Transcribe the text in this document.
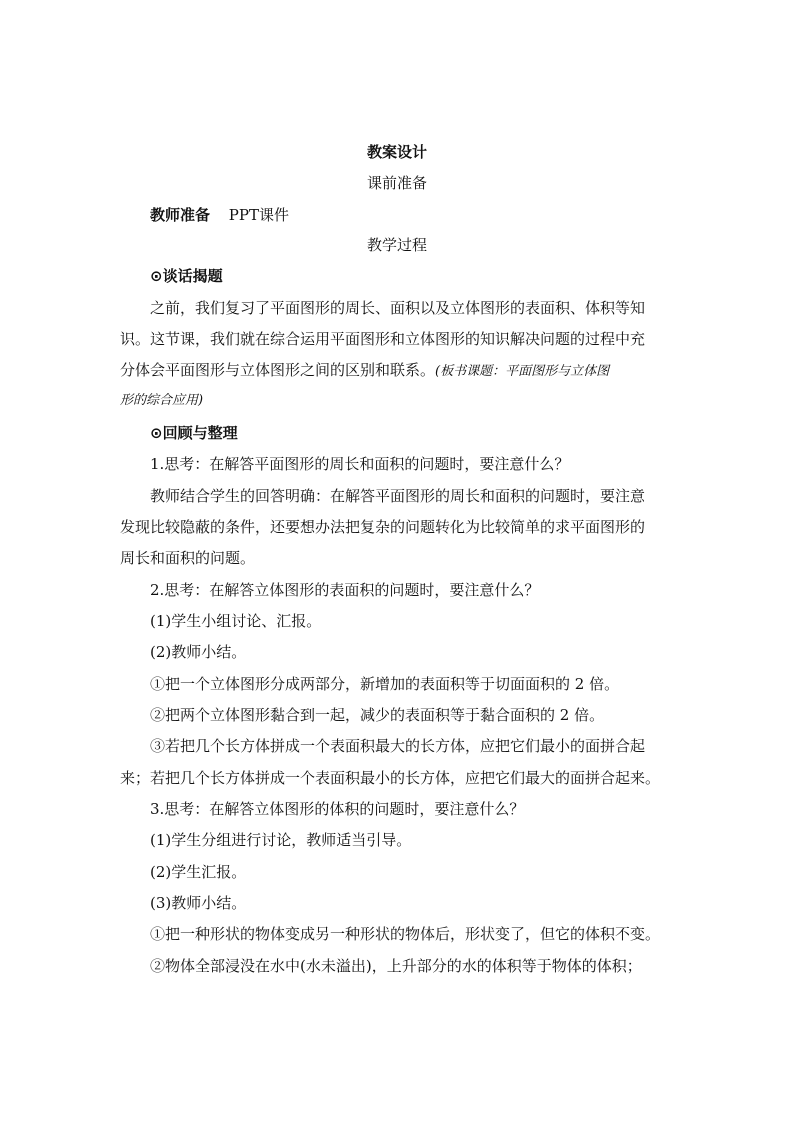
教案设计
课前准备
教师准备 PPT课件
教学过程
⊙谈话揭题
之前，我们复习了平面图形的周长、面积以及立体图形的表面积、体积等知
识。这节课，我们就在综合运用平面图形和立体图形的知识解决问题的过程中充
分体会平面图形与立体图形之间的区别和联系。(板书课题：平面图形与立体图
形的综合应用)
⊙回顾与整理
1.思考：在解答平面图形的周长和面积的问题时，要注意什么？
教师结合学生的回答明确：在解答平面图形的周长和面积的问题时，要注意
发现比较隐蔽的条件，还要想办法把复杂的问题转化为比较简单的求平面图形的
周长和面积的问题。
2.思考：在解答立体图形的表面积的问题时，要注意什么？
(1)学生小组讨论、汇报。
(2)教师小结。
①把一个立体图形分成两部分，新增加的表面积等于切面面积的 2 倍。
②把两个立体图形黏合到一起，减少的表面积等于黏合面积的 2 倍。
③若把几个长方体拼成一个表面积最大的长方体，应把它们最小的面拼合起
来；若把几个长方体拼成一个表面积最小的长方体，应把它们最大的面拼合起来。
3.思考：在解答立体图形的体积的问题时，要注意什么？
(1)学生分组进行讨论，教师适当引导。
(2)学生汇报。
(3)教师小结。
①把一种形状的物体变成另一种形状的物体后，形状变了，但它的体积不变。
②物体全部浸没在水中(水未溢出)，上升部分的水的体积等于物体的体积；
